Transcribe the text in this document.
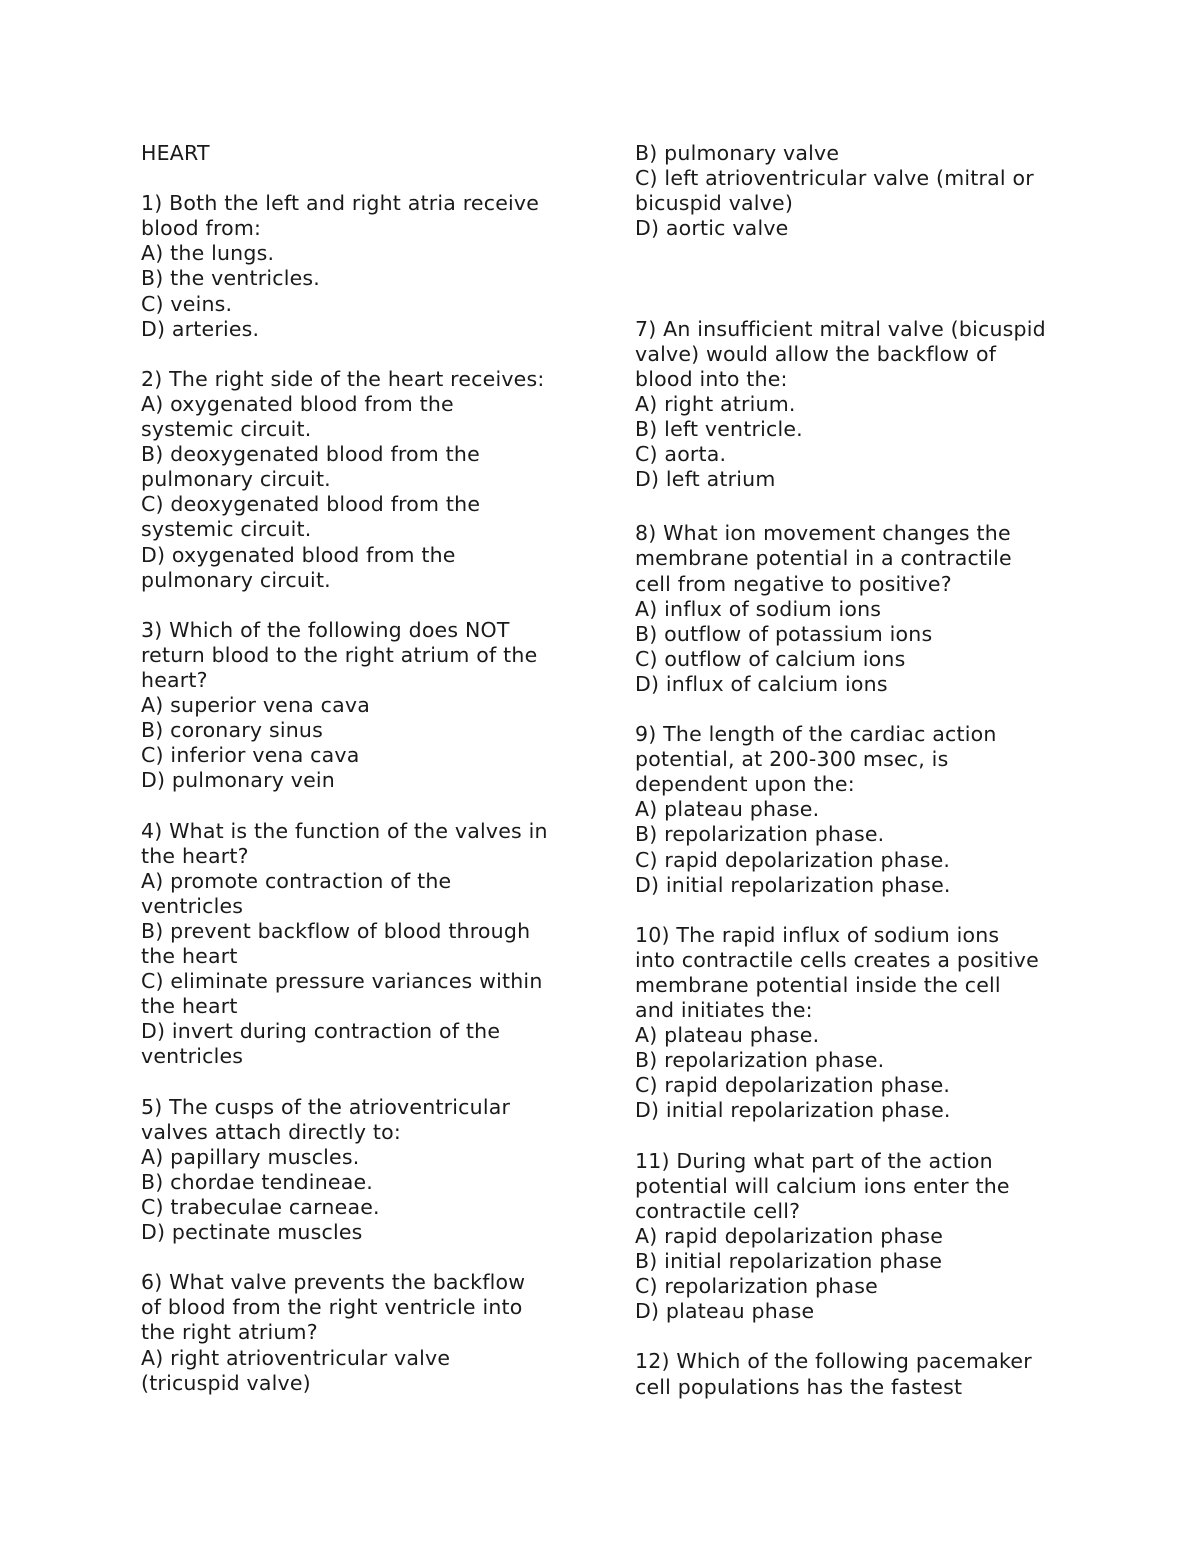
HEART
1) Both the left and right atria receive
blood from:
A) the lungs.
B) the ventricles.
C) veins.
D) arteries.
2) The right side of the heart receives:
A) oxygenated blood from the
systemic circuit.
B) deoxygenated blood from the
pulmonary circuit.
C) deoxygenated blood from the
systemic circuit.
D) oxygenated blood from the
pulmonary circuit.
3) Which of the following does NOT
return blood to the right atrium of the
heart?
A) superior vena cava
B) coronary sinus
C) inferior vena cava
D) pulmonary vein
4) What is the function of the valves in
the heart?
A) promote contraction of the
ventricles
B) prevent backflow of blood through
the heart
C) eliminate pressure variances within
the heart
D) invert during contraction of the
ventricles
5) The cusps of the atrioventricular
valves attach directly to:
A) papillary muscles.
B) chordae tendineae.
C) trabeculae carneae.
D) pectinate muscles
6) What valve prevents the backflow
of blood from the right ventricle into
the right atrium?
A) right atrioventricular valve
(tricuspid valve)
B) pulmonary valve
C) left atrioventricular valve (mitral or
bicuspid valve)
D) aortic valve
7) An insufficient mitral valve (bicuspid
valve) would allow the backflow of
blood into the:
A) right atrium.
B) left ventricle.
C) aorta.
D) left atrium
8) What ion movement changes the
membrane potential in a contractile
cell from negative to positive?
A) influx of sodium ions
B) outflow of potassium ions
C) outflow of calcium ions
D) influx of calcium ions
9) The length of the cardiac action
potential, at 200-300 msec, is
dependent upon the:
A) plateau phase.
B) repolarization phase.
C) rapid depolarization phase.
D) initial repolarization phase.
10) The rapid influx of sodium ions
into contractile cells creates a positive
membrane potential inside the cell
and initiates the:
A) plateau phase.
B) repolarization phase.
C) rapid depolarization phase.
D) initial repolarization phase.
11) During what part of the action
potential will calcium ions enter the
contractile cell?
A) rapid depolarization phase
B) initial repolarization phase
C) repolarization phase
D) plateau phase
12) Which of the following pacemaker
cell populations has the fastest
